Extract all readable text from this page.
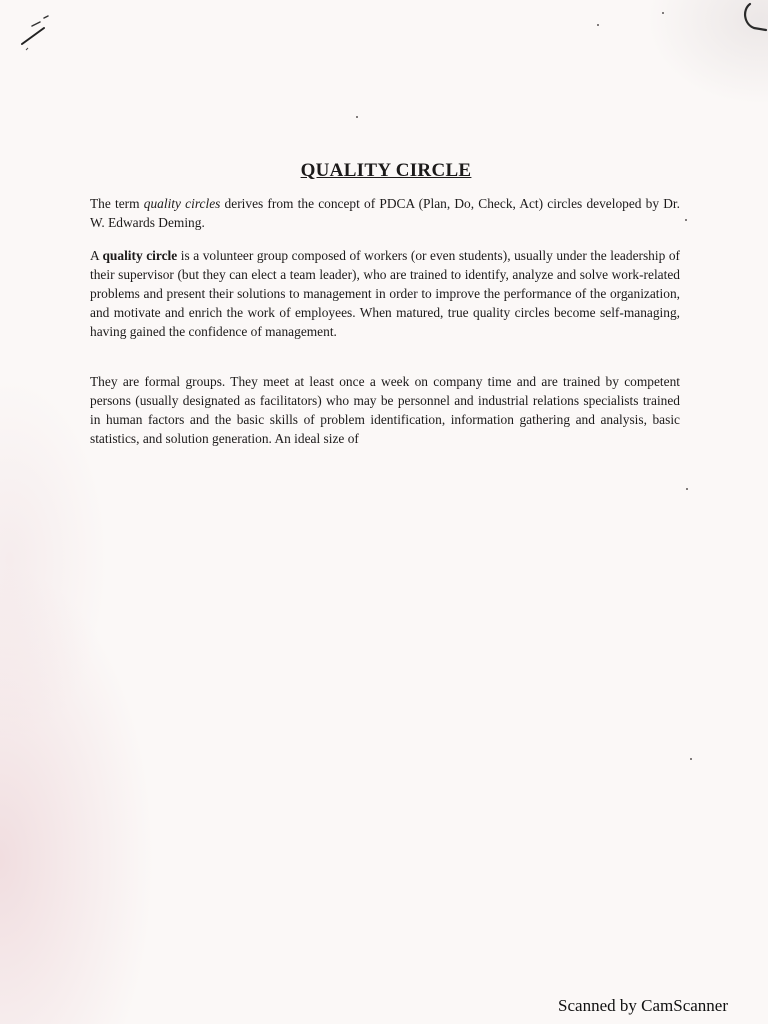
QUALITY CIRCLE

The term quality circles derives from the concept of PDCA (Plan, Do, Check, Act) circles developed by Dr. W. Edwards Deming.

A quality circle is a volunteer group composed of workers (or even students), usually under the leadership of their supervisor (but they can elect a team leader), who are trained to identify, analyze and solve work-related problems and present their solutions to management in order to improve the performance of the organization, and motivate and enrich the work of employees. When matured, true quality circles become self-managing, having gained the confidence of management.

They are formal groups. They meet at least once a week on company time and are trained by competent persons (usually designated as facilitators) who may be personnel and industrial relations specialists trained in human factors and the basic skills of problem identification, information gathering and analysis, basic statistics, and solution generation. An ideal size of

Scanned by CamScanner
